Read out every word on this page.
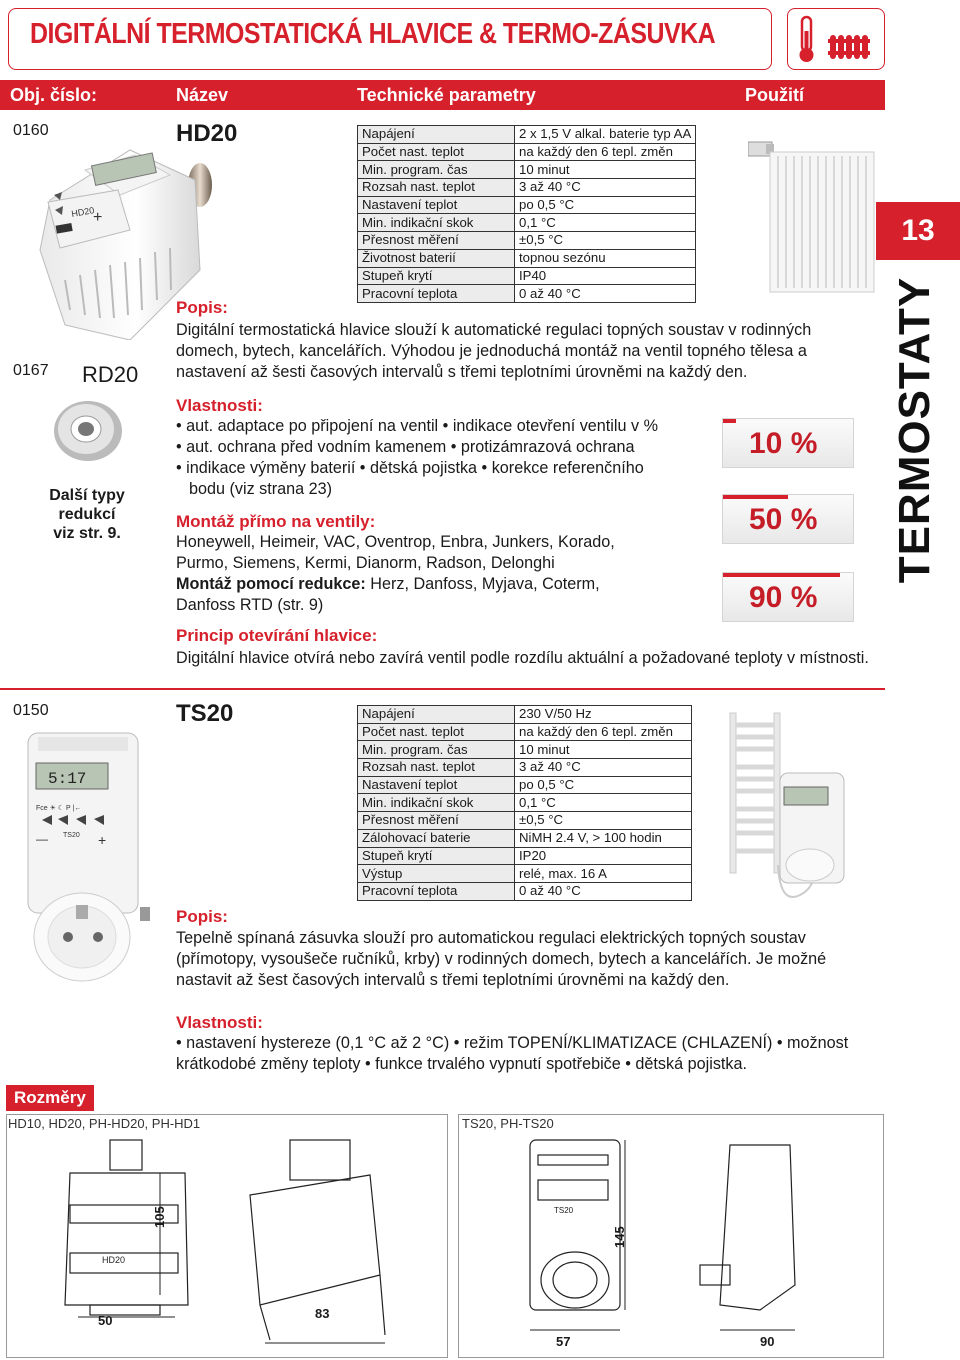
DIGITÁLNÍ TERMOSTATICKÁ HLAVICE & TERMO-ZÁSUVKA
Obj. číslo:	Název	Technické parametry	Použití
13
TERMOSTATY
0160	HD20
HD20
+
0167 RD20
Další typy
redukcí
viz str. 9.
Napájení	2 x 1,5 V alkal. baterie typ AA
Počet nast. teplot	na každý den 6 tepl. změn
Min. program. čas	10 minut
Rozsah nast. teplot	3 až 40 °C
Nastavení teplot	po 0,5 °C
Min. indikační skok	0,1 °C
Přesnost měření	±0,5 °C
Životnost baterií	topnou sezónu
Stupeň krytí	IP40
Pracovní teplota	0 až 40 °C
Popis:
Digitální termostatická hlavice slouží k automatické regulaci topných soustav v rodinných domech, bytech, kancelářích. Výhodou je jednoduchá montáž na ventil topného tělesa a nastavení až šesti časových intervalů s třemi teplotními úrovněmi na každý den.
Vlastnosti:
• aut. adaptace po připojení na ventil • indikace otevření ventilu v %
• aut. ochrana před vodním kamenem • protizámrazová ochrana
• indikace výměny baterií • dětská pojistka • korekce referenčního
bodu (viz strana 23)
Montáž přímo na ventily:
Honeywell, Heimeir, VAC, Oventrop, Enbra, Junkers, Korado,
Purmo, Siemens, Kermi, Dianorm, Radson, Delonghi
Montáž pomocí redukce: Herz, Danfoss, Myjava, Coterm,
Danfoss RTD (str. 9)
10 %
50 %
90 %
Princip otevírání hlavice:
Digitální hlavice otvírá nebo zavírá ventil podle rozdílu aktuální a požadované teploty v místnosti.
0150	TS20
5:17
Fce ☀ ☾ P |←
TS20
—	+
Napájení	230 V/50 Hz
Počet nast. teplot	na každý den 6 tepl. změn
Min. program. čas	10 minut
Rozsah nast. teplot	3 až 40 °C
Nastavení teplot	po 0,5 °C
Min. indikační skok	0,1 °C
Přesnost měření	±0,5 °C
Zálohovací baterie	NiMH 2.4 V, > 100 hodin
Stupeň krytí	IP20
Výstup	relé, max. 16 A
Pracovní teplota	0 až 40 °C
Popis:
Tepelně spínaná zásuvka slouží pro automatickou regulaci elektrických topných soustav (přímotopy, vysoušeče ručníků, krby) v rodinných domech, bytech a kancelářích. Je možné nastavit až šest časových intervalů s třemi teplotními úrovněmi na každý den.
Vlastnosti:
• nastavení hystereze (0,1 °C až 2 °C) • režim TOPENÍ/KLIMATIZACE (CHLAZENÍ) • možnost krátkodobé změny teploty • funkce trvalého vypnutí spotřebiče • dětská pojistka.
Rozměry
HD10, HD20, PH-HD20, PH-HD1	TS20, PH-TS20
HD20
105
50	83
TS20
145
57	90
